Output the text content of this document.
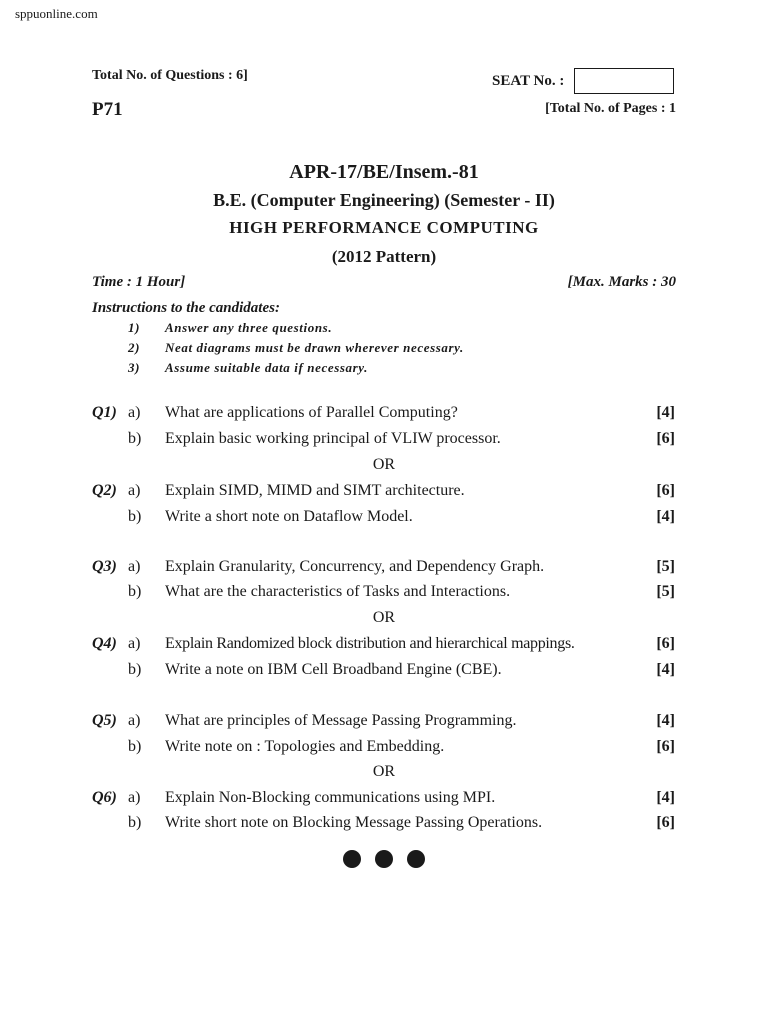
sppuonline.com
Total No. of Questions : 6]	SEAT No. :
P71	[Total No. of Pages : 1
APR-17/BE/Insem.-81
B.E. (Computer Engineering) (Semester - II)
HIGH PERFORMANCE COMPUTING
(2012 Pattern)
Time : 1 Hour]	[Max. Marks : 30
Instructions to the candidates:
1) Answer any three questions.
2) Neat diagrams must be drawn wherever necessary.
3) Assume suitable data if necessary.
Q1) a) What are applications of Parallel Computing?	[4]
b) Explain basic working principal of VLIW processor.	[6]
OR
Q2) a) Explain SIMD, MIMD and SIMT architecture.	[6]
b) Write a short note on Dataflow Model.	[4]
Q3) a) Explain Granularity, Concurrency, and Dependency Graph.	[5]
b) What are the characteristics of Tasks and Interactions.	[5]
OR
Q4) a) Explain Randomized block distribution and hierarchical mappings.	[6]
b) Write a note on IBM Cell Broadband Engine (CBE).	[4]
Q5) a) What are principles of Message Passing Programming.	[4]
b) Write note on : Topologies and Embedding.	[6]
OR
Q6) a) Explain Non-Blocking communications using MPI.	[4]
b) Write short note on Blocking Message Passing Operations.	[6]
